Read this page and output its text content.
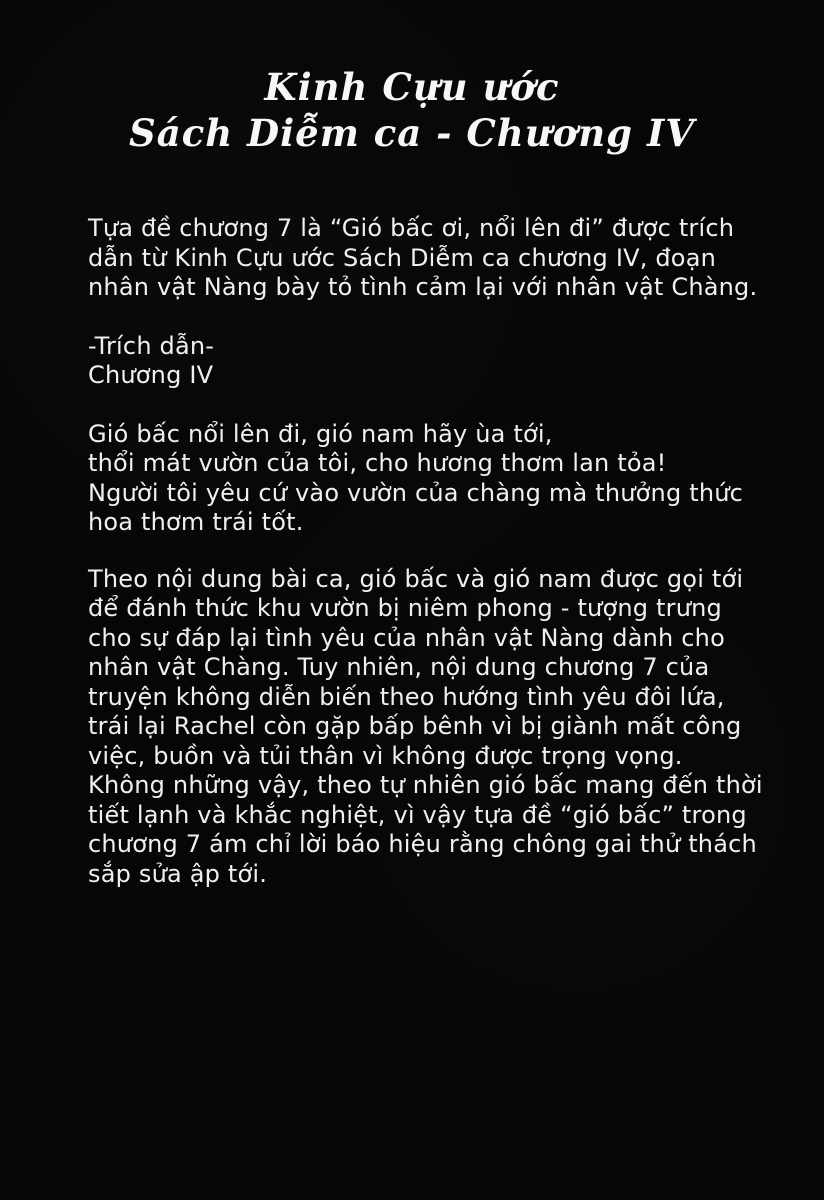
Kinh Cựu ước
Sách Diễm ca - Chương IV
Tựa đề chương 7 là “Gió bấc ơi, nổi lên đi” được trích
dẫn từ Kinh Cựu ước Sách Diễm ca chương IV, đoạn
nhân vật Nàng bày tỏ tình cảm lại với nhân vật Chàng.
-Trích dẫn-
Chương IV
Gió bấc nổi lên đi, gió nam hãy ùa tới,
thổi mát vườn của tôi, cho hương thơm lan tỏa!
Người tôi yêu cứ vào vườn của chàng mà thưởng thức
hoa thơm trái tốt.
Theo nội dung bài ca, gió bấc và gió nam được gọi tới
để đánh thức khu vườn bị niêm phong - tượng trưng
cho sự đáp lại tình yêu của nhân vật Nàng dành cho
nhân vật Chàng. Tuy nhiên, nội dung chương 7 của
truyện không diễn biến theo hướng tình yêu đôi lứa,
trái lại Rachel còn gặp bấp bênh vì bị giành mất công
việc, buồn và tủi thân vì không được trọng vọng.
Không những vậy, theo tự nhiên gió bấc mang đến thời
tiết lạnh và khắc nghiệt, vì vậy tựa đề “gió bấc” trong
chương 7 ám chỉ lời báo hiệu rằng chông gai thử thách
sắp sửa ập tới.
